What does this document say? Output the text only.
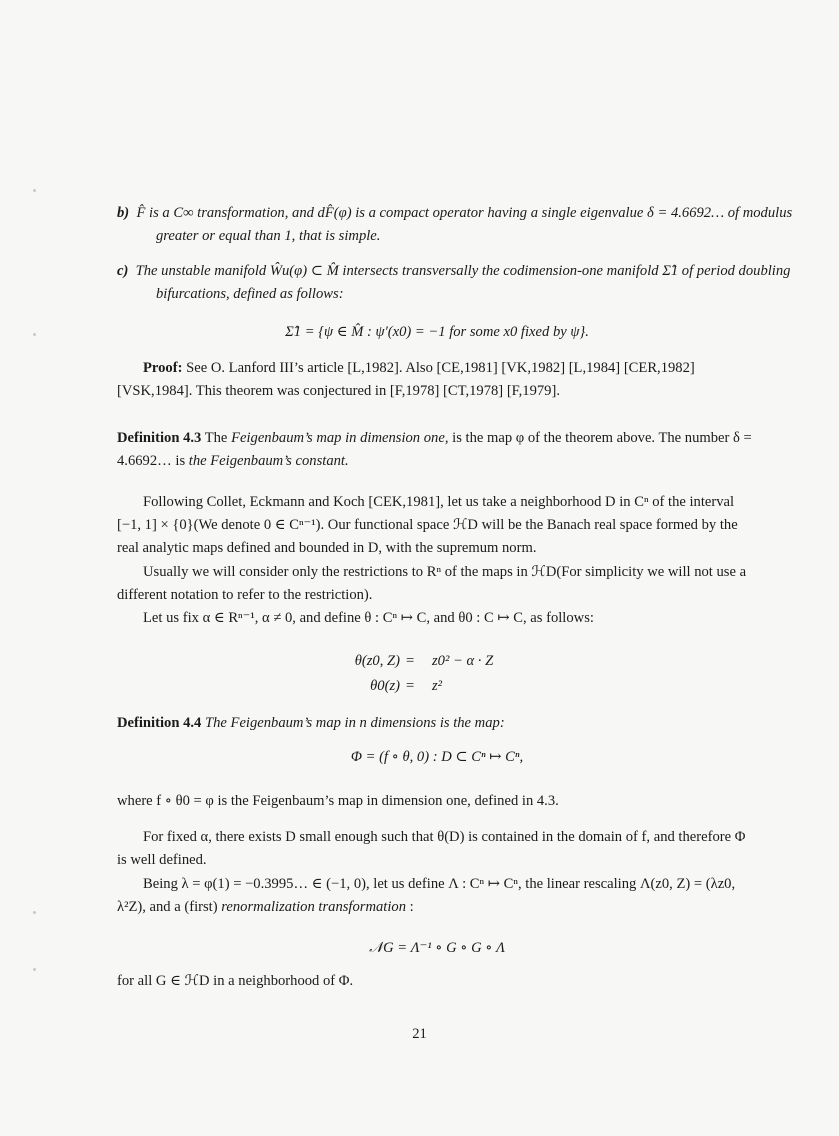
b) F̂ is a C∞ transformation, and dF̂(φ) is a compact operator having a single eigenvalue δ = 4.6692… of modulus greater or equal than 1, that is simple.

c) The unstable manifold Ŵu(φ) ⊂ M̂ intersects transversally the codimension-one manifold Σ̂1 of period doubling bifurcations, defined as follows:

Σ̂1 = {ψ ∈ M̂ : ψ′(x0) = −1 for some x0 fixed by ψ}.

Proof: See O. Lanford III’s article [L,1982]. Also [CE,1981] [VK,1982] [L,1984] [CER,1982] [VSK,1984]. This theorem was conjectured in [F,1978] [CT,1978] [F,1979].

Definition 4.3 The Feigenbaum’s map in dimension one, is the map φ of the theorem above. The number δ = 4.6692… is the Feigenbaum’s constant.

Following Collet, Eckmann and Koch [CEK,1981], let us take a neighborhood D in Cⁿ of the interval [−1, 1] × {0}(We denote 0 ∈ Cⁿ⁻¹). Our functional space ℋD will be the Banach real space formed by the real analytic maps defined and bounded in D, with the supremum norm.

Usually we will consider only the restrictions to Rⁿ of the maps in ℋD(For simplicity we will not use a different notation to refer to the restriction).

Let us fix α ∈ Rⁿ⁻¹, α ≠ 0, and define θ : Cⁿ ↦ C, and θ0 : C ↦ C, as follows:

θ(z0, Z) = z0² − α · Z
θ0(z) = z²

Definition 4.4 The Feigenbaum’s map in n dimensions is the map:

Φ = (f ∘ θ, 0) : D ⊂ Cⁿ ↦ Cⁿ,

where f ∘ θ0 = φ is the Feigenbaum’s map in dimension one, defined in 4.3.

For fixed α, there exists D small enough such that θ(D) is contained in the domain of f, and therefore Φ is well defined.

Being λ = φ(1) = −0.3995… ∈ (−1, 0), let us define Λ : Cⁿ ↦ Cⁿ, the linear rescaling Λ(z0, Z) = (λz0, λ²Z), and a (first) renormalization transformation :

𝒩G = Λ⁻¹ ∘ G ∘ G ∘ Λ

for all G ∈ ℋD in a neighborhood of Φ.

21
